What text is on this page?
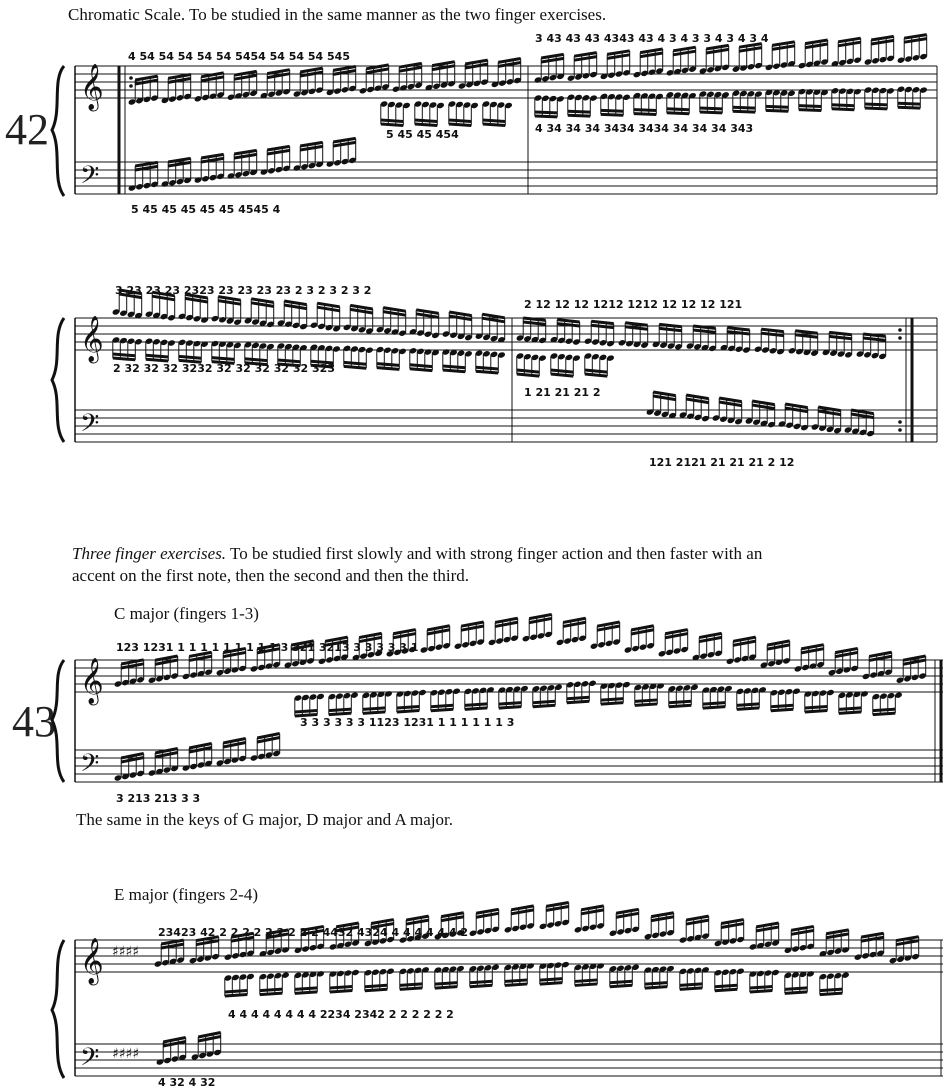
Chromatic Scale. To be studied in the same manner as the two finger exercises.
42
43
Three finger exercises. To be studied first slowly and with strong finger action and then faster with an
accent on the first note, then the second and then the third.
C major (fingers 1-3)
The same in the keys of G major, D major and A major.
E major (fingers 2-4)
𝄞
𝄢
𝄞
𝄢
𝄞
𝄢
𝄞
𝄢
♯♯♯♯
♯♯♯♯
4 54 54 54 54 54 5454 54 54 54 545
3 43 43 43 4343 43 4 3 4 3 3 4 3 4 3 4
5 45 45 454	4 34 34 34 3434 3434 34 34 34 343
5 45 45 45 45 45 4545 4
3 23 23 23 2323 23 23 23 23 2 3 2 3 2 3 2
2 12 12 12 1212 1212 12 12 12 121
2 32 32 32 3232 32 32 32 32 32 323
1 21 21 21 2
121 2121 21 21 21 2 12
123 1231 1 1 1 1 1 1 1 1 1 3 321 3213 3 3 3 3 3 1
3 3 3 3 3 3 1123 1231 1 1 1 1 1 1 3
3 213 213 3 3
23423 42 2 2 2 2 2 2 2 2 2 4432 4324 4 4 4 4 4 4 2
4 4 4 4 4 4 4 4 2234 2342 2 2 2 2 2 2
4 32 4 32
